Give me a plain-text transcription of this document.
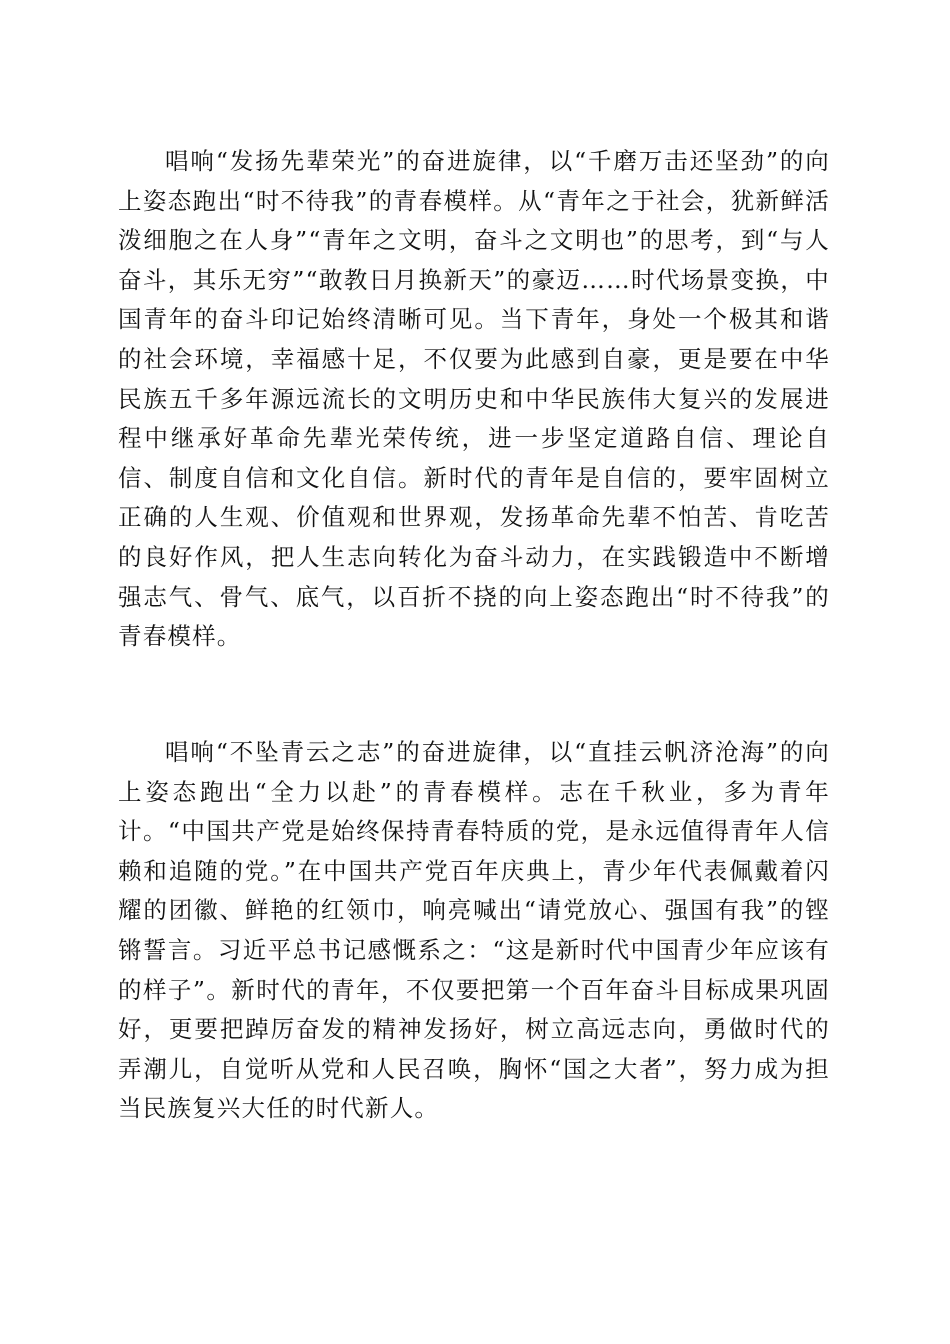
唱响“发扬先辈荣光”的奋进旋律，以“千磨万击还坚劲”的向上姿态跑出“时不待我”的青春模样。从“青年之于社会，犹新鲜活泼细胞之在人身”“青年之文明，奋斗之文明也”的思考，到“与人奋斗，其乐无穷”“敢教日月换新天”的豪迈……时代场景变换，中国青年的奋斗印记始终清晰可见。当下青年，身处一个极其和谐的社会环境，幸福感十足，不仅要为此感到自豪，更是要在中华民族五千多年源远流长的文明历史和中华民族伟大复兴的发展进程中继承好革命先辈光荣传统，进一步坚定道路自信、理论自信、制度自信和文化自信。新时代的青年是自信的，要牢固树立正确的人生观、价值观和世界观，发扬革命先辈不怕苦、肯吃苦的良好作风，把人生志向转化为奋斗动力，在实践锻造中不断增强志气、骨气、底气，以百折不挠的向上姿态跑出“时不待我”的青春模样。

唱响“不坠青云之志”的奋进旋律，以“直挂云帆济沧海”的向上姿态跑出“全力以赴”的青春模样。志在千秋业，多为青年计。“中国共产党是始终保持青春特质的党，是永远值得青年人信赖和追随的党。”在中国共产党百年庆典上，青少年代表佩戴着闪耀的团徽、鲜艳的红领巾，响亮喊出“请党放心、强国有我”的铿锵誓言。习近平总书记感慨系之：“这是新时代中国青少年应该有的样子”。新时代的青年，不仅要把第一个百年奋斗目标成果巩固好，更要把踔厉奋发的精神发扬好，树立高远志向，勇做时代的弄潮儿，自觉听从党和人民召唤，胸怀“国之大者”，努力成为担当民族复兴大任的时代新人。
